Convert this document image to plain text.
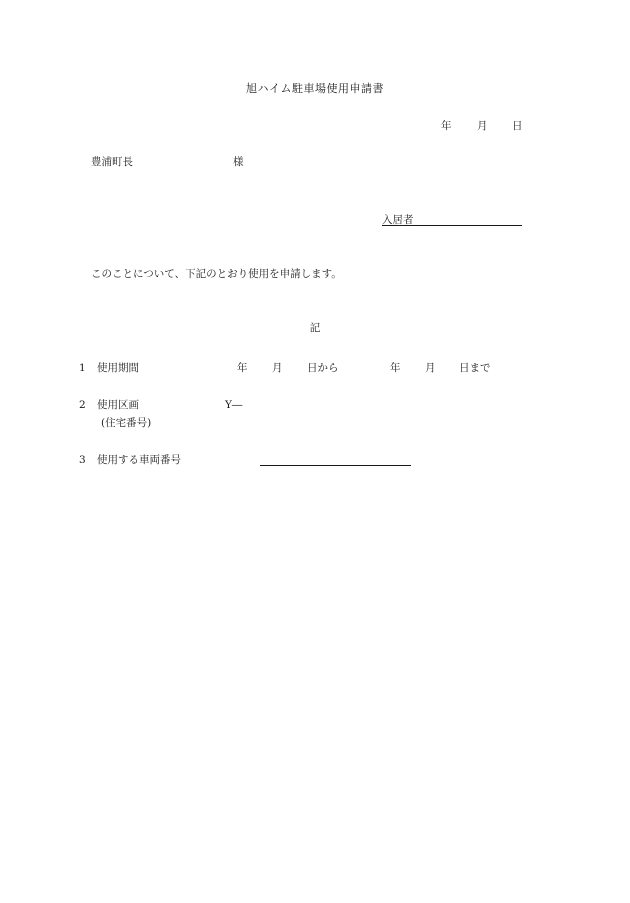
旭ハイム駐車場使用申請書
年 月 日
豊浦町長	様
入居者
このことについて、下記のとおり使用を申請します。
記
1 使用期間	年 月 日から	年 月 日まで
2 使用区画	Y―
(住宅番号)
3 使用する車両番号
